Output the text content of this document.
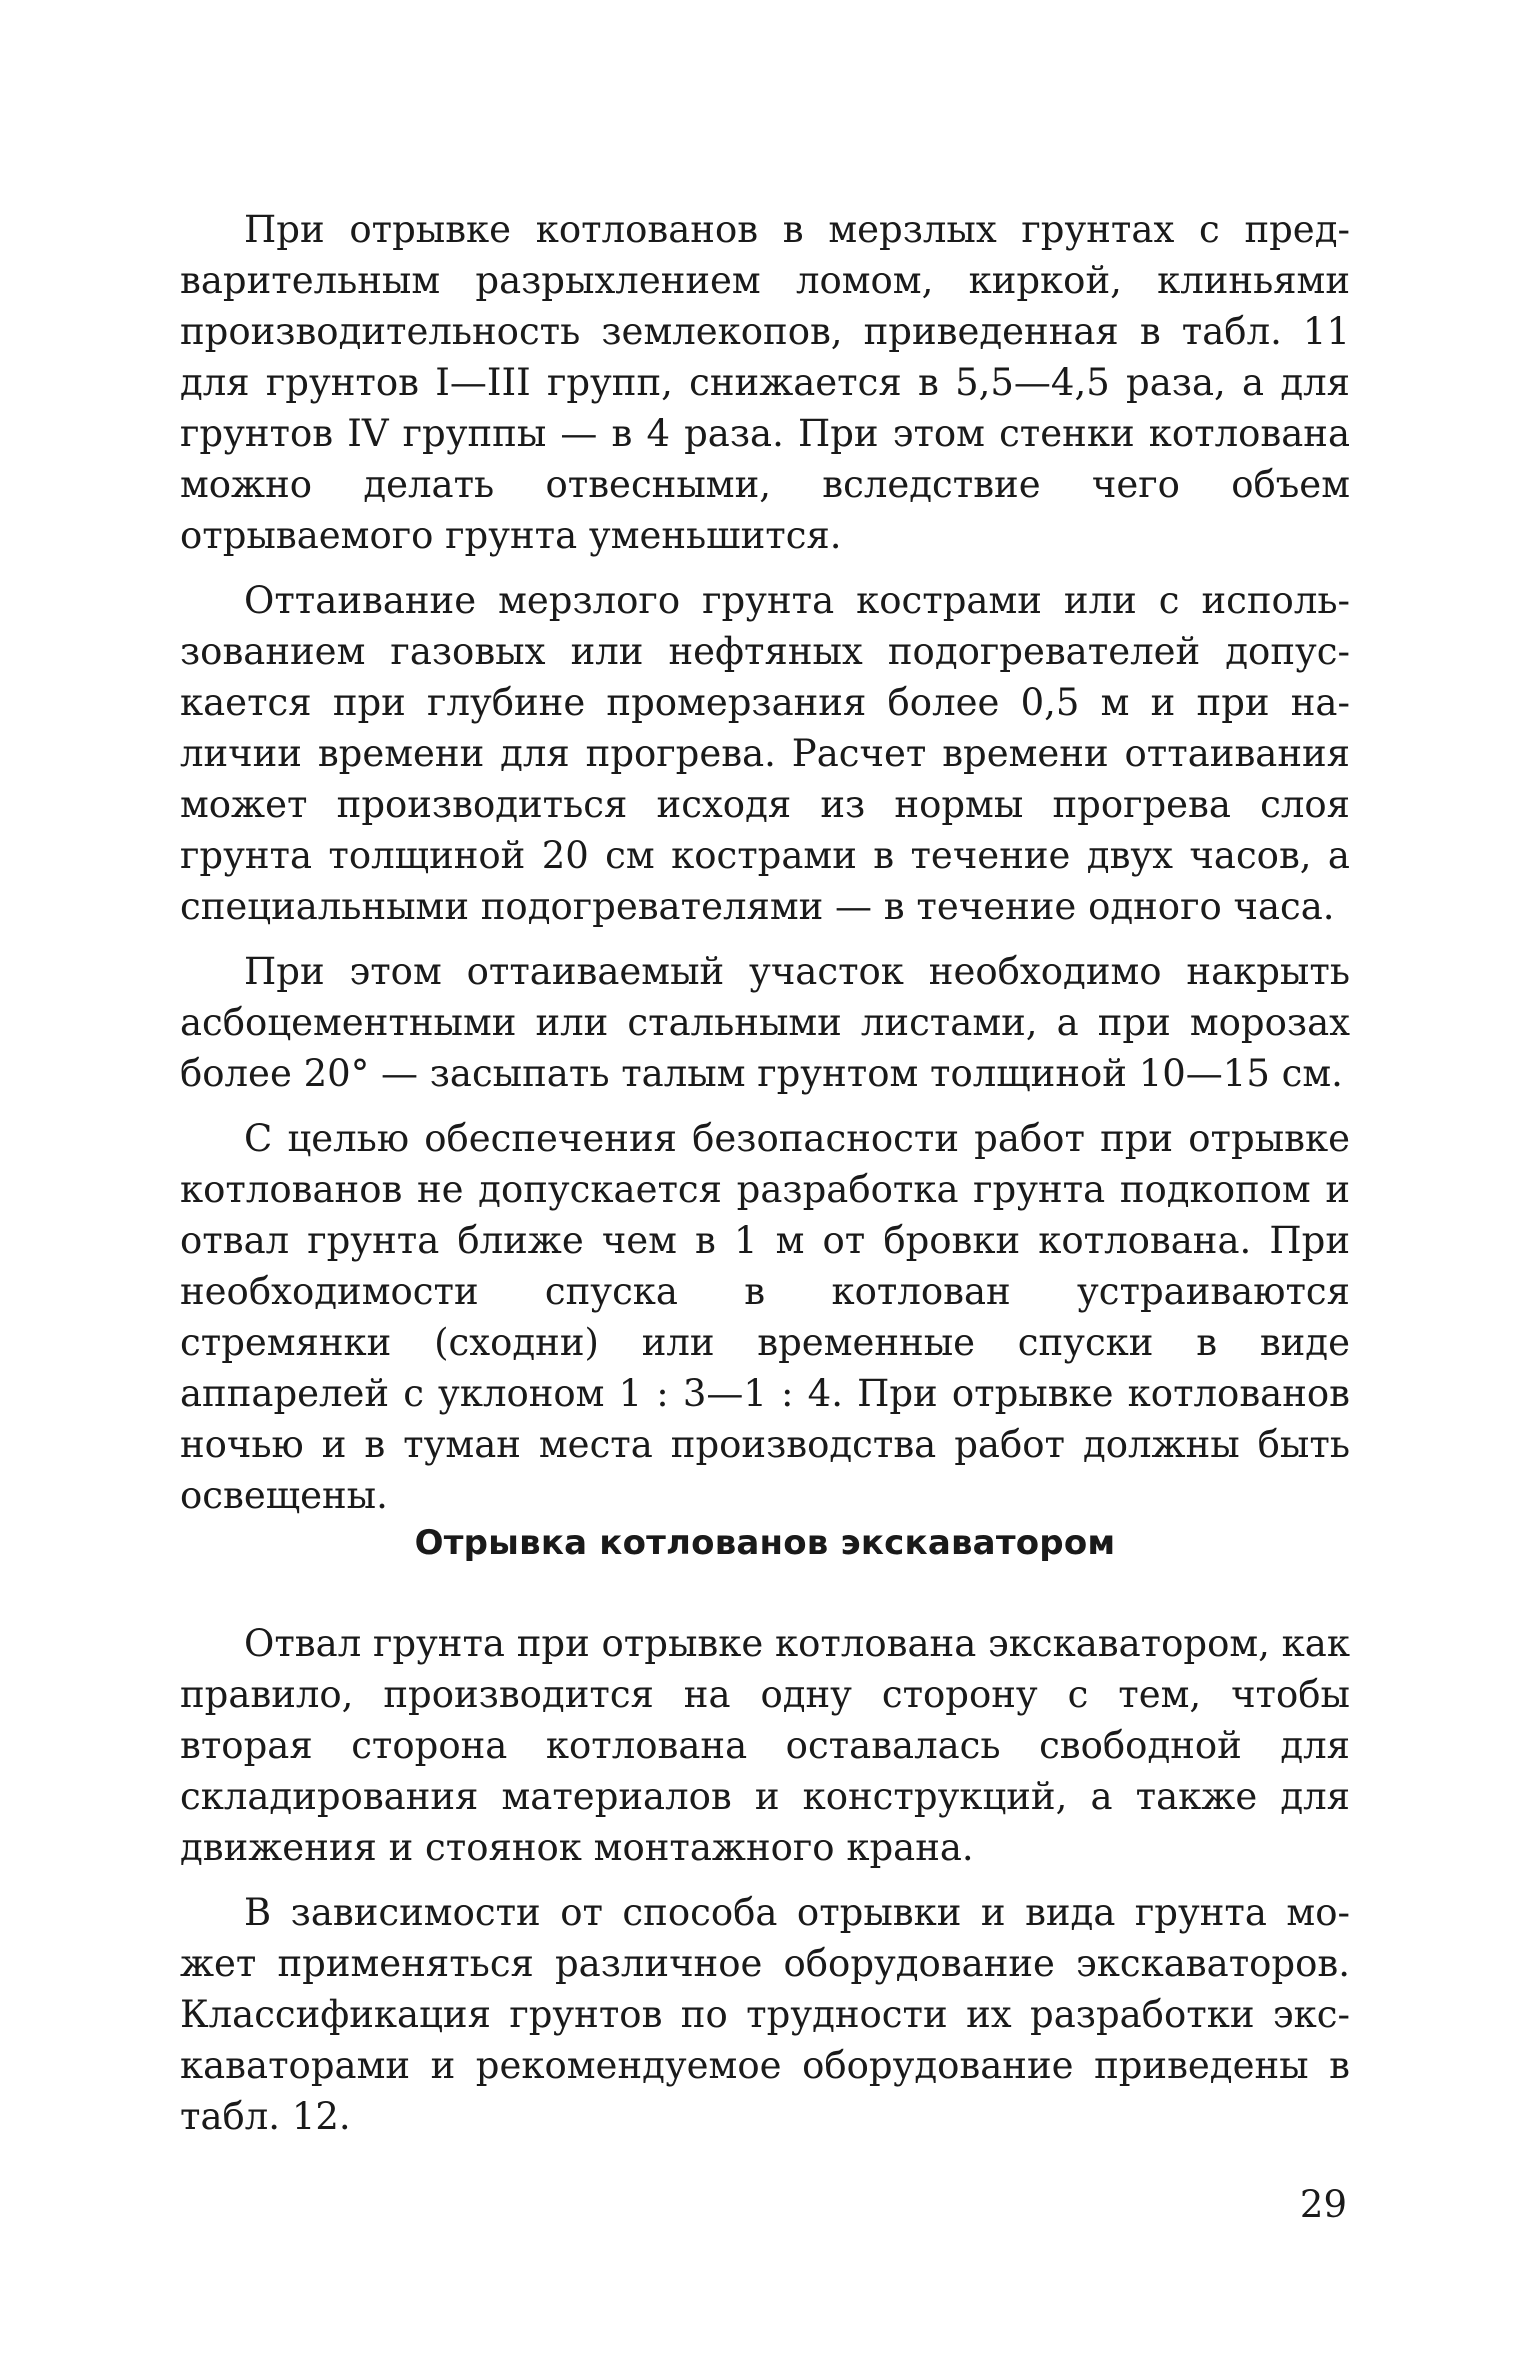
При отрывке котлованов в мерзлых грунтах с предварительным разрыхлением ломом, киркой, клиньями производительность землекопов, приведенная в табл. 11 для грунтов I—III групп, снижается в 5,5—4,5 раза, а для грунтов IV группы — в 4 раза. При этом стенки котлована можно делать отвесными, вследствие чего объем отрываемого грунта уменьшится.

Оттаивание мерзлого грунта кострами или с использованием газовых или нефтяных подогревателей допускается при глубине промерзания более 0,5 м и при наличии времени для прогрева. Расчет времени оттаивания может производиться исходя из нормы прогрева слоя грунта толщиной 20 см кострами в течение двух часов, а специальными подогревателями — в течение одного часа.

При этом оттаиваемый участок необходимо накрыть асбоцементными или стальными листами, а при морозах более 20° — засыпать талым грунтом толщиной 10—15 см.

С целью обеспечения безопасности работ при отрывке котлованов не допускается разработка грунта подкопом и отвал грунта ближе чем в 1 м от бровки котлована. При необходимости спуска в котлован устраиваются стремянки (сходни) или временные спуски в виде аппарелей с уклоном 1 : 3—1 : 4. При отрывке котлованов ночью и в туман места производства работ должны быть освещены.

Отрывка котлованов экскаватором

Отвал грунта при отрывке котлована экскаватором, как правило, производится на одну сторону с тем, чтобы вторая сторона котлована оставалась свободной для складирования материалов и конструкций, а также для движения и стоянок монтажного крана.

В зависимости от способа отрывки и вида грунта может применяться различное оборудование экскаваторов. Классификация грунтов по трудности их разработки экскаваторами и рекомендуемое оборудование приведены в табл. 12.

29
